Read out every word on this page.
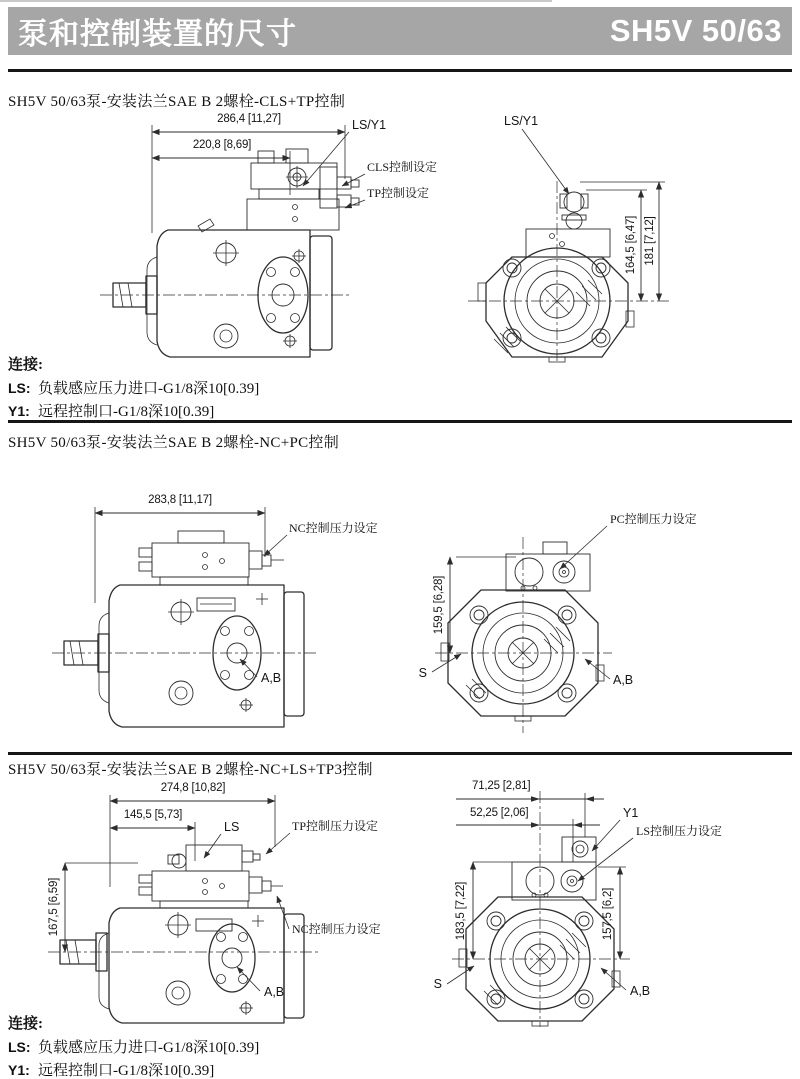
泵和控制装置的尺寸	SH5V 50/63
SH5V 50/63泵-安装法兰SAE B 2螺栓-CLS+TP控制
286,4 [11,27]
220,8 [8,69]
LS/Y1
CLS控制设定
TP控制设定
LS/Y1
164,5 [6,47] 181 [7,12]
连接:
LS: 负载感应压力进口-G1/8深10[0.39]
Y1: 远程控制口-G1/8深10[0.39]
SH5V 50/63泵-安装法兰SAE B 2螺栓-NC+PC控制
283,8 [11,17]
NC控制压力设定
A,B
PC控制压力设定
159,5 [6,28]
S	A,B
SH5V 50/63泵-安装法兰SAE B 2螺栓-NC+LS+TP3控制
274,8 [10,82]
145,5 [5,73]
167,5 [6,59]
LS	TP控制压力设定
NC控制压力设定
A,B
71,25 [2,81]
52,25 [2,06]	Y1
LS控制压力设定
183,5 [7,22]	157,5 [6,2]
S	A,B
连接:
LS: 负载感应压力进口-G1/8深10[0.39]
Y1: 远程控制口-G1/8深10[0.39]
